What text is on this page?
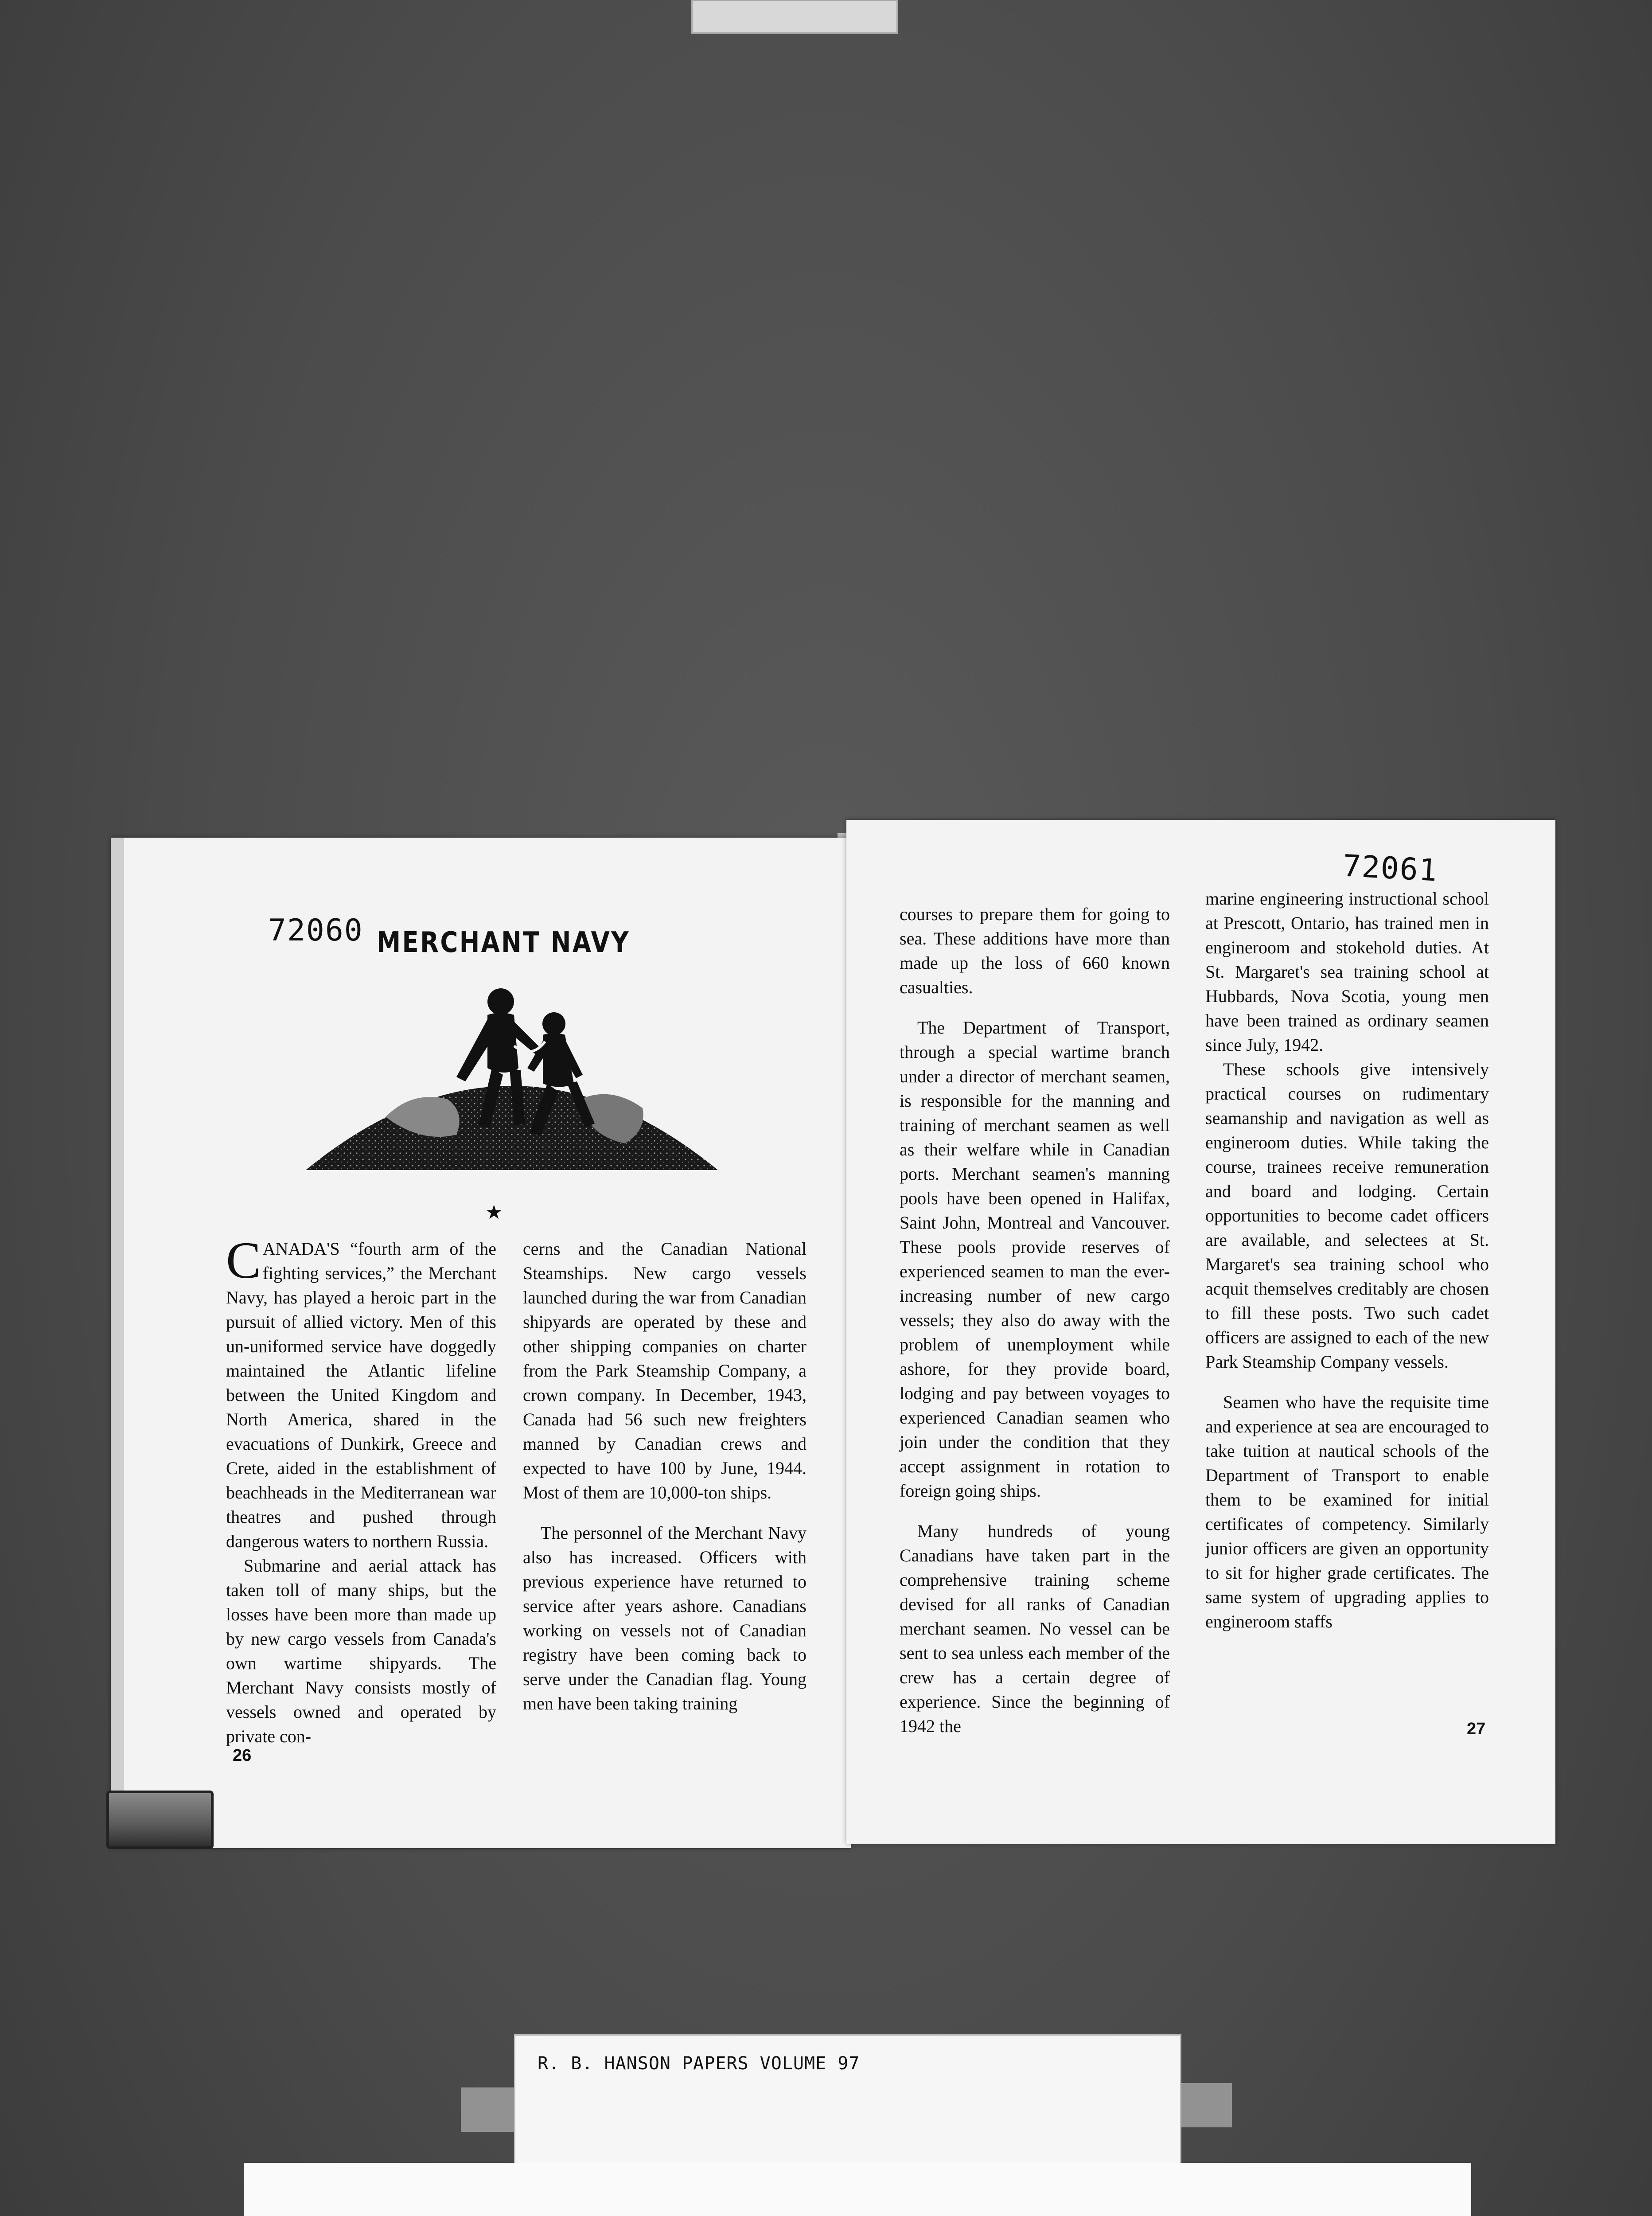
72060 MERCHANT NAVY
★

CANADA'S “fourth arm of the fighting services,” the Merchant Navy, has played a heroic part in the pursuit of allied victory. Men of this un-uniformed service have doggedly maintained the Atlantic lifeline between the United Kingdom and North America, shared in the evacuations of Dunkirk, Greece and Crete, aided in the establishment of beachheads in the Mediterranean war theatres and pushed through dangerous waters to northern Russia.

Submarine and aerial attack has taken toll of many ships, but the losses have been more than made up by new cargo vessels from Canada's own wartime shipyards. The Merchant Navy consists mostly of vessels owned and operated by private con-

cerns and the Canadian National Steamships. New cargo vessels launched during the war from Canadian shipyards are operated by these and other shipping companies on charter from the Park Steamship Company, a crown company. In December, 1943, Canada had 56 such new freighters manned by Canadian crews and expected to have 100 by June, 1944. Most of them are 10,000-ton ships.

The personnel of the Merchant Navy also has increased. Officers with previous experience have returned to service after years ashore. Canadians working on vessels not of Canadian registry have been coming back to serve under the Canadian flag. Young men have been taking training

26
72061

courses to prepare them for going to sea. These additions have more than made up the loss of 660 known casualties.

The Department of Transport, through a special wartime branch under a director of merchant seamen, is responsible for the manning and training of merchant seamen as well as their welfare while in Canadian ports. Merchant seamen's manning pools have been opened in Halifax, Saint John, Montreal and Vancouver. These pools provide reserves of experienced seamen to man the ever-increasing number of new cargo vessels; they also do away with the problem of unemployment while ashore, for they provide board, lodging and pay between voyages to experienced Canadian seamen who join under the condition that they accept assignment in rotation to foreign going ships.

Many hundreds of young Canadians have taken part in the comprehensive training scheme devised for all ranks of Canadian merchant seamen. No vessel can be sent to sea unless each member of the crew has a certain degree of experience. Since the beginning of 1942 the

marine engineering instructional school at Prescott, Ontario, has trained men in engineroom and stokehold duties. At St. Margaret's sea training school at Hubbards, Nova Scotia, young men have been trained as ordinary seamen since July, 1942.

These schools give intensively practical courses on rudimentary seamanship and navigation as well as engineroom duties. While taking the course, trainees receive remuneration and board and lodging. Certain opportunities to become cadet officers are available, and selectees at St. Margaret's sea training school who acquit themselves creditably are chosen to fill these posts. Two such cadet officers are assigned to each of the new Park Steamship Company vessels.

Seamen who have the requisite time and experience at sea are encouraged to take tuition at nautical schools of the Department of Transport to enable them to be examined for initial certificates of competency. Similarly junior officers are given an opportunity to sit for higher grade certificates. The same system of upgrading applies to engineroom staffs

27
R. B. HANSON PAPERS VOLUME 97
